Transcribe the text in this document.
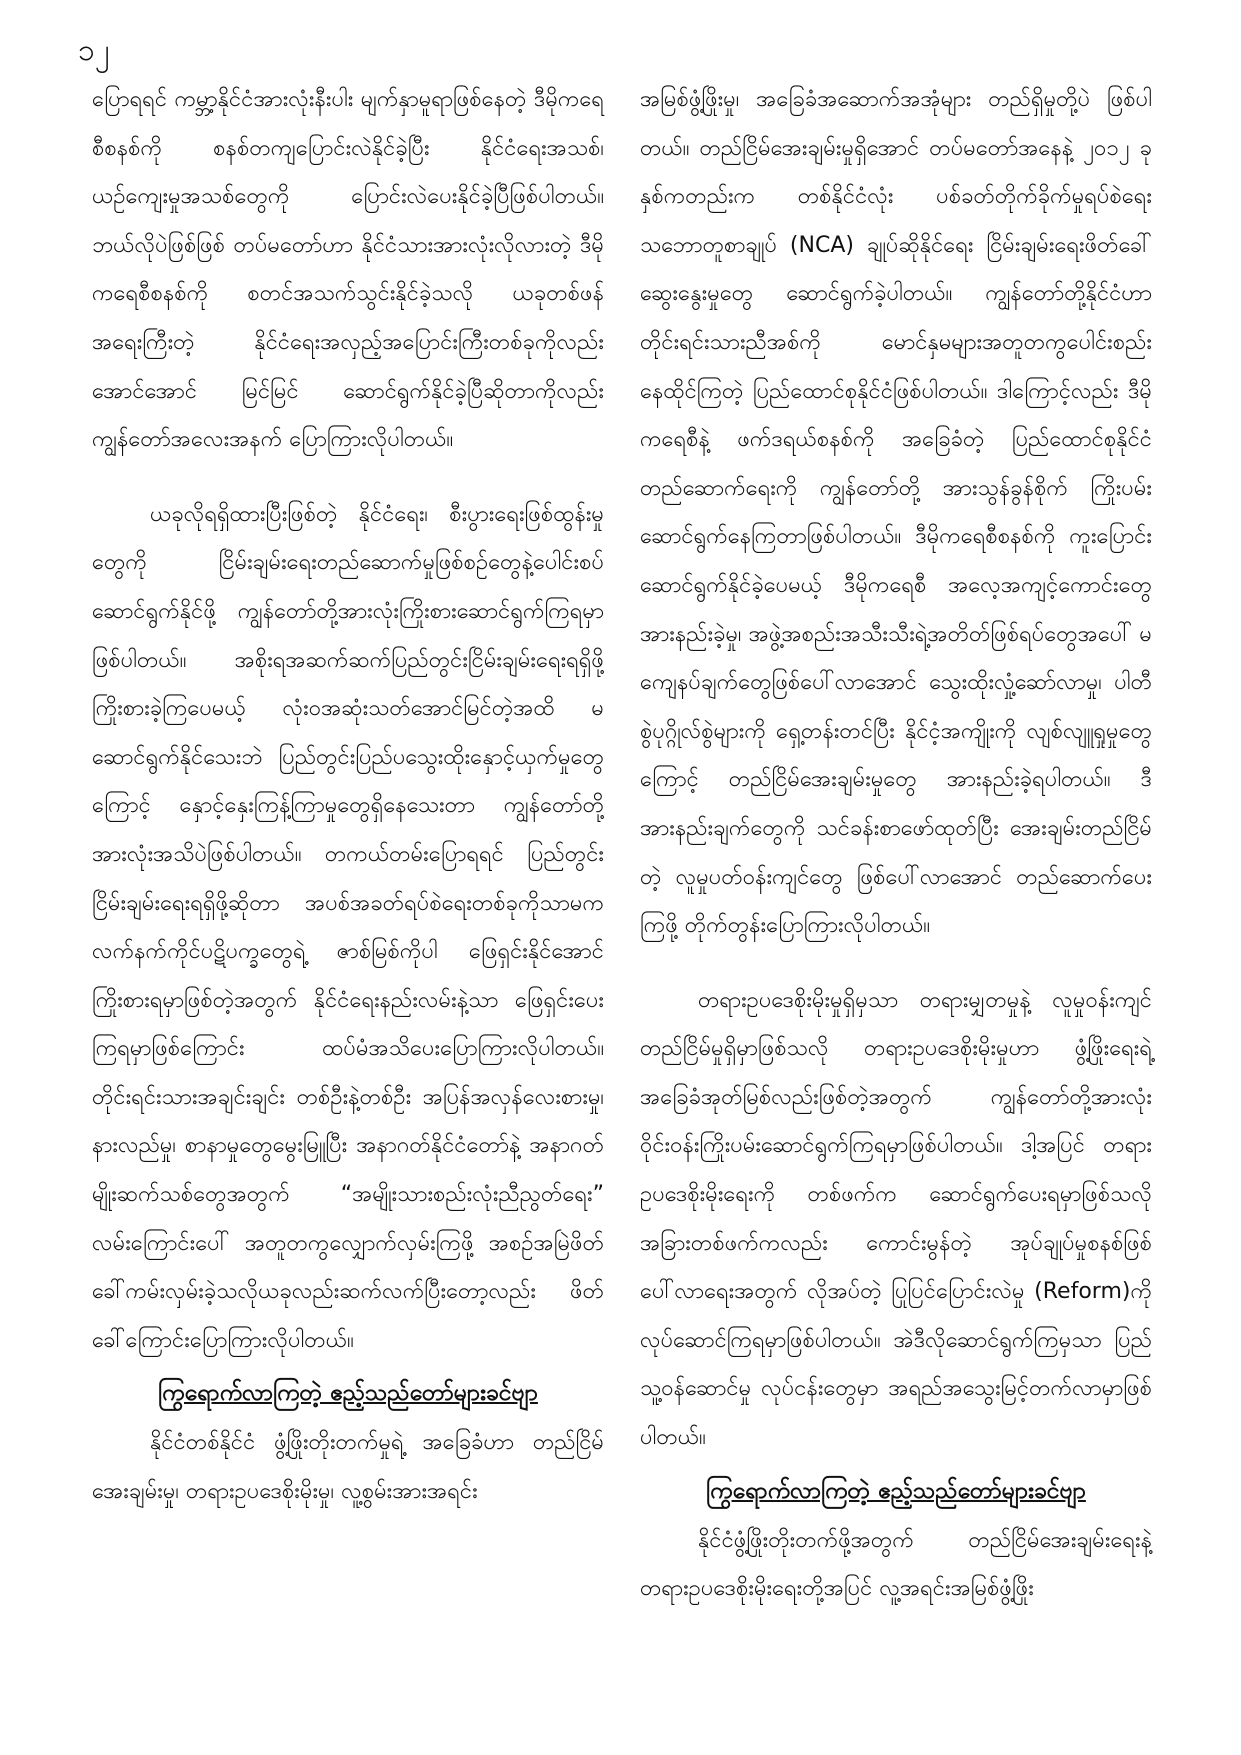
၁၂

ပြောရရင် ကမ္ဘာ့နိုင်ငံအားလုံးနီးပါး မျက်နှာမူရာဖြစ်နေတဲ့ ဒီမိုကရေစီစနစ်ကို စနစ်တကျပြောင်းလဲနိုင်ခဲ့ပြီး နိုင်ငံရေးအသစ်၊ ယဉ်ကျေးမှုအသစ်တွေကို ပြောင်းလဲပေးနိုင်ခဲ့ပြီဖြစ်ပါတယ်။ ဘယ်လိုပဲဖြစ်ဖြစ် တပ်မတော်ဟာ နိုင်ငံသားအားလုံးလိုလားတဲ့ ဒီမိုကရေစီစနစ်ကို စတင်အသက်သွင်းနိုင်ခဲ့သလို ယခုတစ်ဖန်အရေးကြီးတဲ့ နိုင်ငံရေးအလှည့်အပြောင်းကြီးတစ်ခုကိုလည်း အောင်အောင် မြင်မြင် ဆောင်ရွက်နိုင်ခဲ့ပြီဆိုတာကိုလည်း ကျွန်တော်အလေးအနက် ပြောကြားလိုပါတယ်။

ယခုလိုရရှိထားပြီးဖြစ်တဲ့ နိုင်ငံရေး၊ စီးပွားရေးဖြစ်ထွန်းမှုတွေကို ငြိမ်းချမ်းရေးတည်ဆောက်မှုဖြစ်စဉ်တွေနဲ့ပေါင်းစပ်ဆောင်ရွက်နိုင်ဖို့ ကျွန်တော်တို့အားလုံးကြိုးစားဆောင်ရွက်ကြရမှာဖြစ်ပါတယ်။ အစိုးရအဆက်ဆက်ပြည်တွင်းငြိမ်းချမ်းရေးရရှိဖို့ ကြိုးစားခဲ့ကြပေမယ့် လုံး၀အဆုံးသတ်အောင်မြင်တဲ့အထိ မဆောင်ရွက်နိုင်သေးဘဲ ပြည်တွင်းပြည်ပသွေးထိုးနှောင့်ယှက်မှုတွေကြောင့် နှောင့်နှေးကြန့်ကြာမှုတွေရှိနေသေးတာ ကျွန်တော်တို့အားလုံးအသိပဲဖြစ်ပါတယ်။ တကယ်တမ်းပြောရရင် ပြည်တွင်းငြိမ်းချမ်းရေးရရှိဖို့ဆိုတာ အပစ်အခတ်ရပ်စဲရေးတစ်ခုကိုသာမက လက်နက်ကိုင်ပဋိပက္ခတွေရဲ့ ဇာစ်မြစ်ကိုပါ ဖြေရှင်းနိုင်အောင် ကြိုးစားရမှာဖြစ်တဲ့အတွက် နိုင်ငံရေးနည်းလမ်းနဲ့သာ ဖြေရှင်းပေးကြရမှာဖြစ်ကြောင်း ထပ်မံအသိပေးပြောကြားလိုပါတယ်။ တိုင်းရင်းသားအချင်းချင်း တစ်ဦးနဲ့တစ်ဦး အပြန်အလှန်လေးစားမှု၊ နားလည်မှု၊ စာနာမှုတွေမွေးမြူပြီး အနာဂတ်နိုင်ငံတော်နဲ့ အနာဂတ်မျိုးဆက်သစ်တွေအတွက် “အမျိုးသားစည်းလုံးညီညွတ်ရေး” လမ်းကြောင်းပေါ် အတူတကွလျှောက်လှမ်းကြဖို့ အစဉ်အမြဲဖိတ်ခေါ်ကမ်းလှမ်းခဲ့သလိုယခုလည်းဆက်လက်ပြီးတော့လည်း ဖိတ်ခေါ်ကြောင်းပြောကြားလိုပါတယ်။

ကြွရောက်လာကြတဲ့ ဧည့်သည်တော်များခင်ဗျာ

နိုင်ငံတစ်နိုင်ငံ ဖွံ့ဖြိုးတိုးတက်မှုရဲ့ အခြေခံဟာ တည်ငြိမ်အေးချမ်းမှု၊ တရားဥပဒေစိုးမိုးမှု၊ လူ့စွမ်းအားအရင်း

အမြစ်ဖွံ့ဖြိုးမှု၊ အခြေခံအဆောက်အအုံများ တည်ရှိမှုတို့ပဲ ဖြစ်ပါတယ်။ တည်ငြိမ်အေးချမ်းမှုရှိအောင် တပ်မတော်အနေနဲ့ ၂၀၁၂ ခုနှစ်ကတည်းက တစ်နိုင်ငံလုံး ပစ်ခတ်တိုက်ခိုက်မှုရပ်စဲရေးသဘောတူစာချုပ် (NCA) ချုပ်ဆိုနိုင်ရေး ငြိမ်းချမ်းရေးဖိတ်ခေါ်ဆွေးနွေးမှုတွေ ဆောင်ရွက်ခဲ့ပါတယ်။ ကျွန်တော်တို့နိုင်ငံဟာ တိုင်းရင်းသားညီအစ်ကို မောင်နှမများအတူတကွပေါင်းစည်းနေထိုင်ကြတဲ့ ပြည်ထောင်စုနိုင်ငံဖြစ်ပါတယ်။ ဒါကြောင့်လည်း ဒီမိုကရေစီနဲ့ ဖက်ဒရယ်စနစ်ကို အခြေခံတဲ့ ပြည်ထောင်စုနိုင်ငံတည်ဆောက်ရေးကို ကျွန်တော်တို့ အားသွန်ခွန်စိုက် ကြိုးပမ်းဆောင်ရွက်နေကြတာဖြစ်ပါတယ်။ ဒီမိုကရေစီစနစ်ကို ကူးပြောင်းဆောင်ရွက်နိုင်ခဲ့ပေမယ့် ဒီမိုကရေစီ အလေ့အကျင့်ကောင်းတွေ အားနည်းခဲ့မှု၊ အဖွဲ့အစည်းအသီးသီးရဲ့အတိတ်ဖြစ်ရပ်တွေအပေါ် မကျေနပ်ချက်တွေဖြစ်ပေါ်လာအောင် သွေးထိုးလှုံ့ဆော်လာမှု၊ ပါတီစွဲပုဂ္ဂိုလ်စွဲများကို ရှေ့တန်းတင်ပြီး နိုင်ငံ့အကျိုးကို လျစ်လျူရှုမှုတွေကြောင့် တည်ငြိမ်အေးချမ်းမှုတွေ အားနည်းခဲ့ရပါတယ်။ ဒီအားနည်းချက်တွေကို သင်ခန်းစာဖော်ထုတ်ပြီး အေးချမ်းတည်ငြိမ်တဲ့ လူမှုပတ်ဝန်းကျင်တွေ ဖြစ်ပေါ်လာအောင် တည်ဆောက်ပေးကြဖို့ တိုက်တွန်းပြောကြားလိုပါတယ်။

တရားဥပဒေစိုးမိုးမှုရှိမှသာ တရားမျှတမှုနဲ့ လူမှုဝန်းကျင်တည်ငြိမ်မှုရှိမှာဖြစ်သလို တရားဥပဒေစိုးမိုးမှုဟာ ဖွံ့ဖြိုးရေးရဲ့အခြေခံအုတ်မြစ်လည်းဖြစ်တဲ့အတွက် ကျွန်တော်တို့အားလုံး ဝိုင်းဝန်းကြိုးပမ်းဆောင်ရွက်ကြရမှာဖြစ်ပါတယ်။ ဒါ့အပြင် တရားဥပဒေစိုးမိုးရေးကို တစ်ဖက်က ဆောင်ရွက်ပေးရမှာဖြစ်သလို အခြားတစ်ဖက်ကလည်း ကောင်းမွန်တဲ့ အုပ်ချုပ်မှုစနစ်ဖြစ်ပေါ်လာရေးအတွက် လိုအပ်တဲ့ ပြုပြင်ပြောင်းလဲမှု (Reform)ကို လုပ်ဆောင်ကြရမှာဖြစ်ပါတယ်။ အဲဒီလိုဆောင်ရွက်ကြမှသာ ပြည်သူ့ဝန်ဆောင်မှု လုပ်ငန်းတွေမှာ အရည်အသွေးမြင့်တက်လာမှာဖြစ်ပါတယ်။

ကြွရောက်လာကြတဲ့ ဧည့်သည်တော်များခင်ဗျာ

နိုင်ငံဖွံ့ဖြိုးတိုးတက်ဖို့အတွက် တည်ငြိမ်အေးချမ်းရေးနဲ့ တရားဥပဒေစိုးမိုးရေးတို့အပြင် လူ့အရင်းအမြစ်ဖွံ့ဖြိုး
